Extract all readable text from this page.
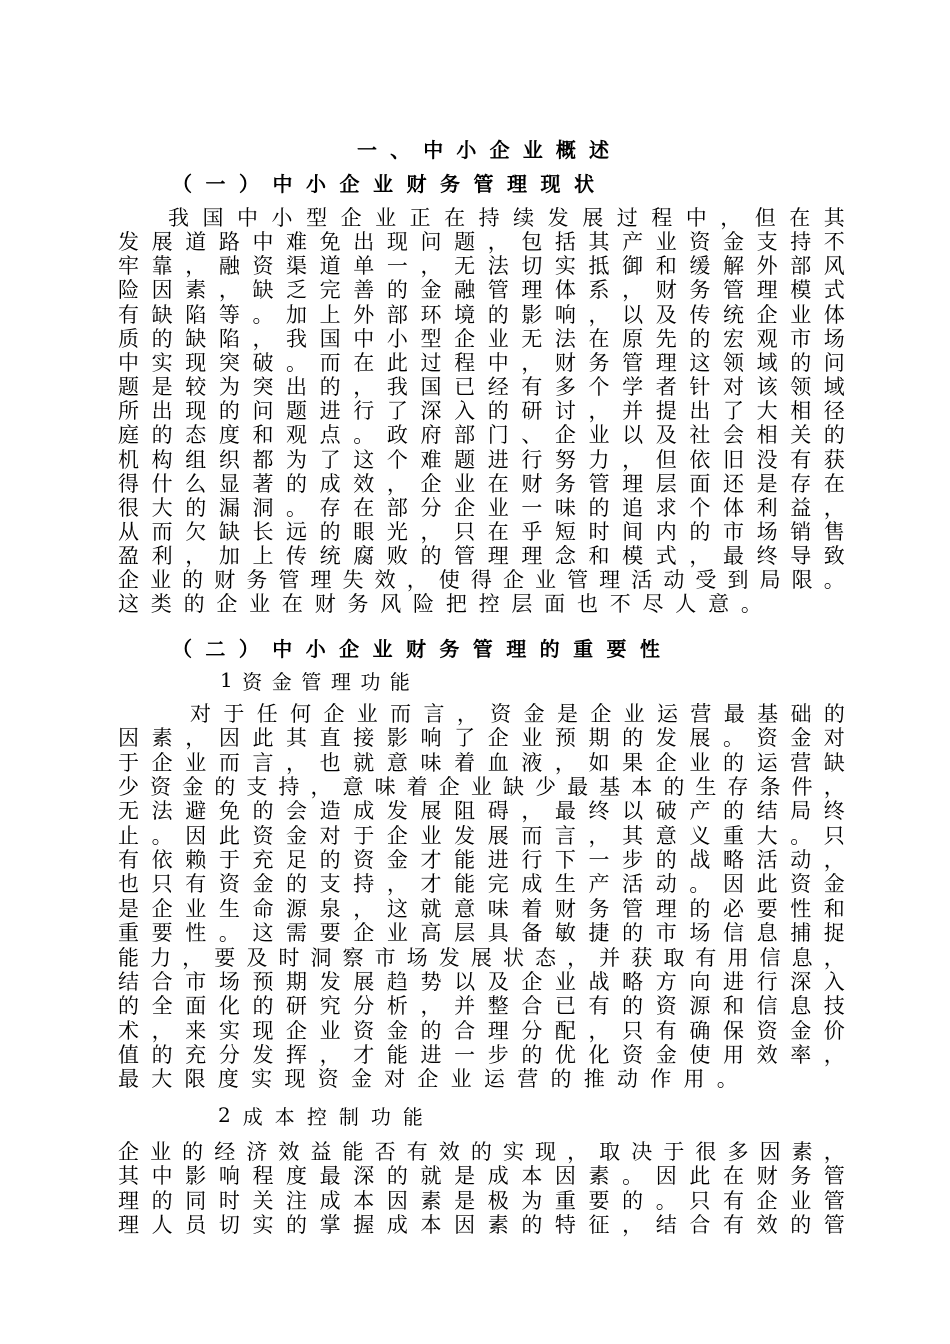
一 、 中 小 企 业 概 述
（ 一 ） 中 小 企 业 财 务 管 理 现 状
我 国 中 小 型 企 业 正 在 持 续 发 展 过 程 中 ， 但 在 其
发 展 道 路 中 难 免 出 现 问 题 ， 包 括 其 产 业 资 金 支 持 不
牢 靠 ， 融 资 渠 道 单 一 ， 无 法 切 实 抵 御 和 缓 解 外 部 风
险 因 素 ， 缺 乏 完 善 的 金 融 管 理 体 系 ， 财 务 管 理 模 式
有 缺 陷 等 。 加 上 外 部 环 境 的 影 响 ， 以 及 传 统 企 业 体
质 的 缺 陷 ， 我 国 中 小 型 企 业 无 法 在 原 先 的 宏 观 市 场
中 实 现 突 破 。 而 在 此 过 程 中 ， 财 务 管 理 这 领 域 的 问
题 是 较 为 突 出 的 ， 我 国 已 经 有 多 个 学 者 针 对 该 领 域
所 出 现 的 问 题 进 行 了 深 入 的 研 讨 ， 并 提 出 了 大 相 径
庭 的 态 度 和 观 点 。 政 府 部 门 、 企 业 以 及 社 会 相 关 的
机 构 组 织 都 为 了 这 个 难 题 进 行 努 力 ， 但 依 旧 没 有 获
得 什 么 显 著 的 成 效 ， 企 业 在 财 务 管 理 层 面 还 是 存 在
很 大 的 漏 洞 。 存 在 部 分 企 业 一 味 的 追 求 个 体 利 益 ，
从 而 欠 缺 长 远 的 眼 光 ， 只 在 乎 短 时 间 内 的 市 场 销 售
盈 利 ， 加 上 传 统 腐 败 的 管 理 理 念 和 模 式 ， 最 终 导 致
企 业 的 财 务 管 理 失 效 ， 使 得 企 业 管 理 活 动 受 到 局 限 。
这 类 的 企 业 在 财 务 风 险 把 控 层 面 也 不 尽 人 意 。
（ 二 ） 中 小 企 业 财 务 管 理 的 重 要 性
1 资 金 管 理 功 能
对 于 任 何 企 业 而 言 ， 资 金 是 企 业 运 营 最 基 础 的
因 素 ， 因 此 其 直 接 影 响 了 企 业 预 期 的 发 展 。 资 金 对
于 企 业 而 言 ， 也 就 意 味 着 血 液 ， 如 果 企 业 的 运 营 缺
少 资 金 的 支 持 ， 意 味 着 企 业 缺 少 最 基 本 的 生 存 条 件 ，
无 法 避 免 的 会 造 成 发 展 阻 碍 ， 最 终 以 破 产 的 结 局 终
止 。 因 此 资 金 对 于 企 业 发 展 而 言 ， 其 意 义 重 大 。 只
有 依 赖 于 充 足 的 资 金 才 能 进 行 下 一 步 的 战 略 活 动 ，
也 只 有 资 金 的 支 持 ， 才 能 完 成 生 产 活 动 。 因 此 资 金
是 企 业 生 命 源 泉 ， 这 就 意 味 着 财 务 管 理 的 必 要 性 和
重 要 性 。 这 需 要 企 业 高 层 具 备 敏 捷 的 市 场 信 息 捕 捉
能 力 ， 要 及 时 洞 察 市 场 发 展 状 态 ， 并 获 取 有 用 信 息 ，
结 合 市 场 预 期 发 展 趋 势 以 及 企 业 战 略 方 向 进 行 深 入
的 全 面 化 的 研 究 分 析 ， 并 整 合 已 有 的 资 源 和 信 息 技
术 ， 来 实 现 企 业 资 金 的 合 理 分 配 ， 只 有 确 保 资 金 价
值 的 充 分 发 挥 ， 才 能 进 一 步 的 优 化 资 金 使 用 效 率 ，
最 大 限 度 实 现 资 金 对 企 业 运 营 的 推 动 作 用 。
2 成 本 控 制 功 能
企 业 的 经 济 效 益 能 否 有 效 的 实 现 ， 取 决 于 很 多 因 素 ，
其 中 影 响 程 度 最 深 的 就 是 成 本 因 素 。 因 此 在 财 务 管
理 的 同 时 关 注 成 本 因 素 是 极 为 重 要 的 。 只 有 企 业 管
理 人 员 切 实 的 掌 握 成 本 因 素 的 特 征 ， 结 合 有 效 的 管
